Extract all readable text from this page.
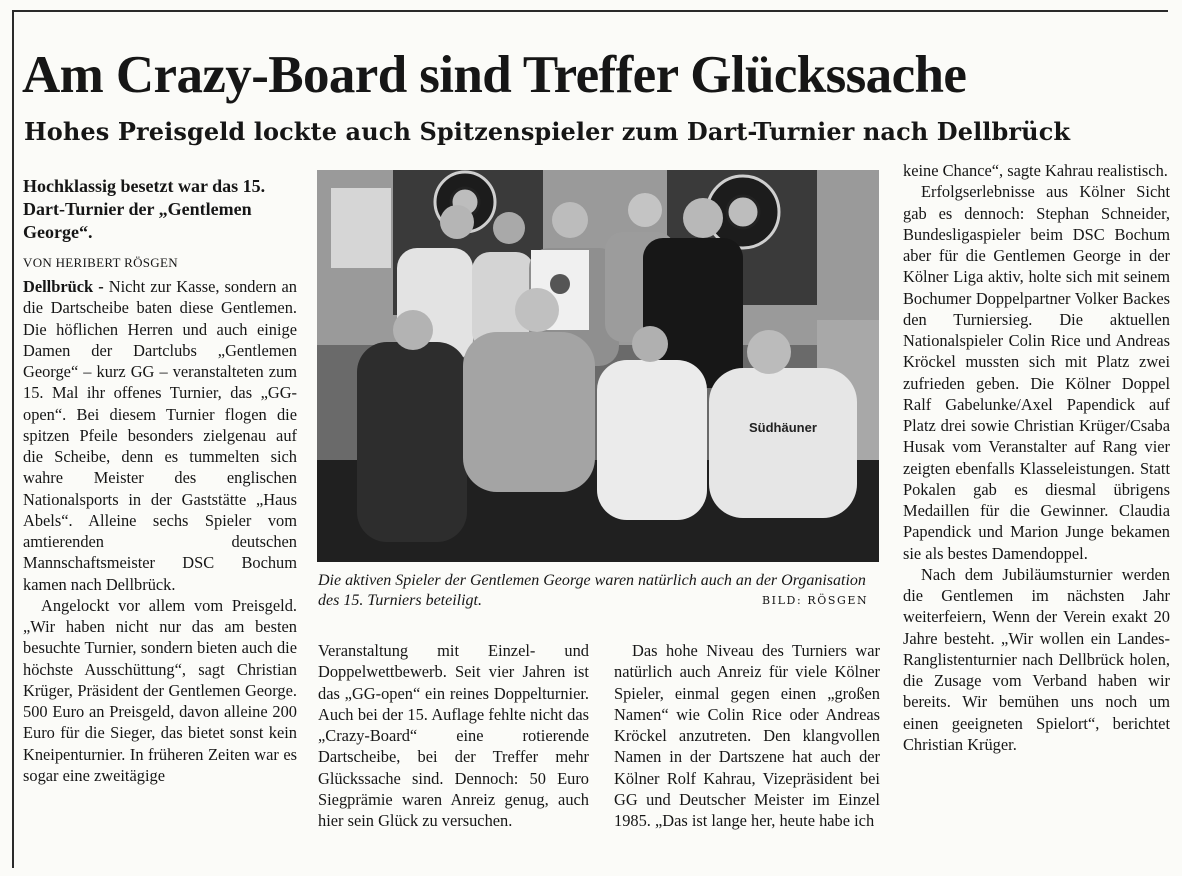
Am Crazy-Board sind Treffer Glückssache
Hohes Preisgeld lockte auch Spitzenspieler zum Dart-Turnier nach Dellbrück
Hochklassig besetzt war das 15. Dart-Turnier der „Gentlemen George“.
VON HERIBERT RÖSGEN

Dellbrück - Nicht zur Kasse, sondern an die Dartscheibe baten diese Gentlemen. Die höflichen Herren und auch einige Damen der Dartclubs „Gentlemen George“ – kurz GG – veranstalteten zum 15. Mal ihr offenes Turnier, das „GG-open“. Bei diesem Turnier flogen die spitzen Pfeile besonders zielgenau auf die Scheibe, denn es tummelten sich wahre Meister des englischen Nationalsports in der Gaststätte „Haus Abels“. Alleine sechs Spieler vom amtierenden deutschen Mannschaftsmeister DSC Bochum kamen nach Dellbrück.

Angelockt vor allem vom Preisgeld. „Wir haben nicht nur das am besten besuchte Turnier, sondern bieten auch die höchste Ausschüttung“, sagt Christian Krüger, Präsident der Gentlemen George. 500 Euro an Preisgeld, davon alleine 200 Euro für die Sieger, das bietet sonst kein Kneipenturnier. In früheren Zeiten war es sogar eine zweitägige

Südhäuner

Die aktiven Spieler der Gentlemen George waren natürlich auch an der Organisation des 15. Turniers beteiligt.	BILD: RÖSGEN

Veranstaltung mit Einzel- und Doppelwettbewerb. Seit vier Jahren ist das „GG-open“ ein reines Doppelturnier. Auch bei der 15. Auflage fehlte nicht das „Crazy-Board“ eine rotierende Dartscheibe, bei der Treffer mehr Glückssache sind. Dennoch: 50 Euro Siegprämie waren Anreiz genug, auch hier sein Glück zu versuchen.

Das hohe Niveau des Turniers war natürlich auch Anreiz für viele Kölner Spieler, einmal gegen einen „großen Namen“ wie Colin Rice oder Andreas Kröckel anzutreten. Den klangvollen Namen in der Dartszene hat auch der Kölner Rolf Kahrau, Vizepräsident bei GG und Deutscher Meister im Einzel 1985. „Das ist lange her, heute habe ich

keine Chance“, sagte Kahrau realistisch.

Erfolgserlebnisse aus Kölner Sicht gab es dennoch: Stephan Schneider, Bundesligaspieler beim DSC Bochum aber für die Gentlemen George in der Kölner Liga aktiv, holte sich mit seinem Bochumer Doppelpartner Volker Backes den Turniersieg. Die aktuellen Nationalspieler Colin Rice und Andreas Kröckel mussten sich mit Platz zwei zufrieden geben. Die Kölner Doppel Ralf Gabelunke/Axel Papendick auf Platz drei sowie Christian Krüger/Csaba Husak vom Veranstalter auf Rang vier zeigten ebenfalls Klasseleistungen. Statt Pokalen gab es diesmal übrigens Medaillen für die Gewinner. Claudia Papendick und Marion Junge bekamen sie als bestes Damendoppel.

Nach dem Jubiläumsturnier werden die Gentlemen im nächsten Jahr weiterfeiern, Wenn der Verein exakt 20 Jahre besteht. „Wir wollen ein Landes-Ranglistenturnier nach Dellbrück holen, die Zusage vom Verband haben wir bereits. Wir bemühen uns noch um einen geeigneten Spielort“, berichtet Christian Krüger.
